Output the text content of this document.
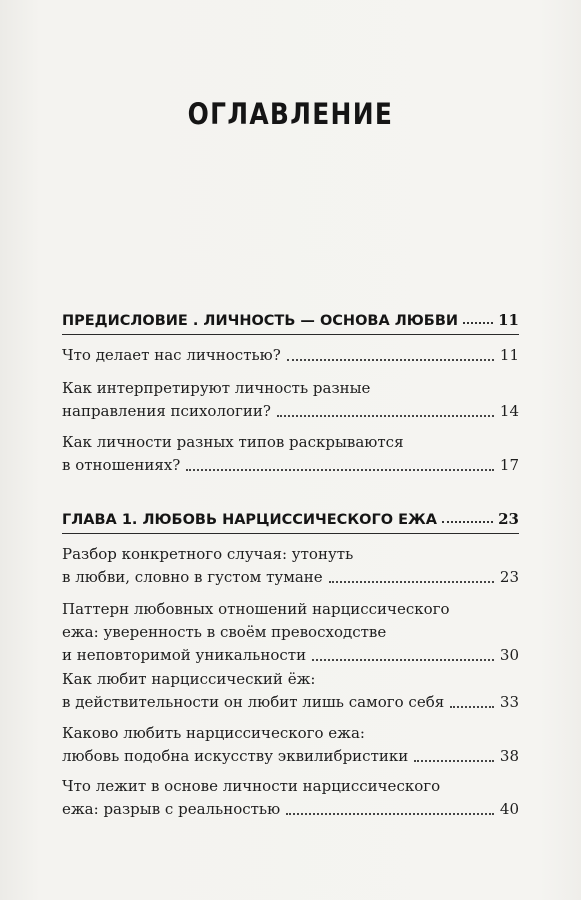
ОГЛАВЛЕНИЕ
ПРЕДИСЛОВИЕ . ЛИЧНОСТЬ — ОСНОВА ЛЮБВИ	11
Что делает нас личностью?	11
Как интерпретируют личность разные
направления психологии?	14
Как личности разных типов раскрываются
в отношениях?	17
ГЛАВА 1. ЛЮБОВЬ НАРЦИССИЧЕСКОГО ЕЖА	23
Разбор конкретного случая: утонуть
в любви, словно в густом тумане	23
Паттерн любовных отношений нарциссического
ежа: уверенность в своём превосходстве
и неповторимой уникальности	30
Как любит нарциссический ёж:
в действительности он любит лишь самого себя	33
Каково любить нарциссического ежа:
любовь подобна искусству эквилибристики	38
Что лежит в основе личности нарциссического
ежа: разрыв с реальностью	40
